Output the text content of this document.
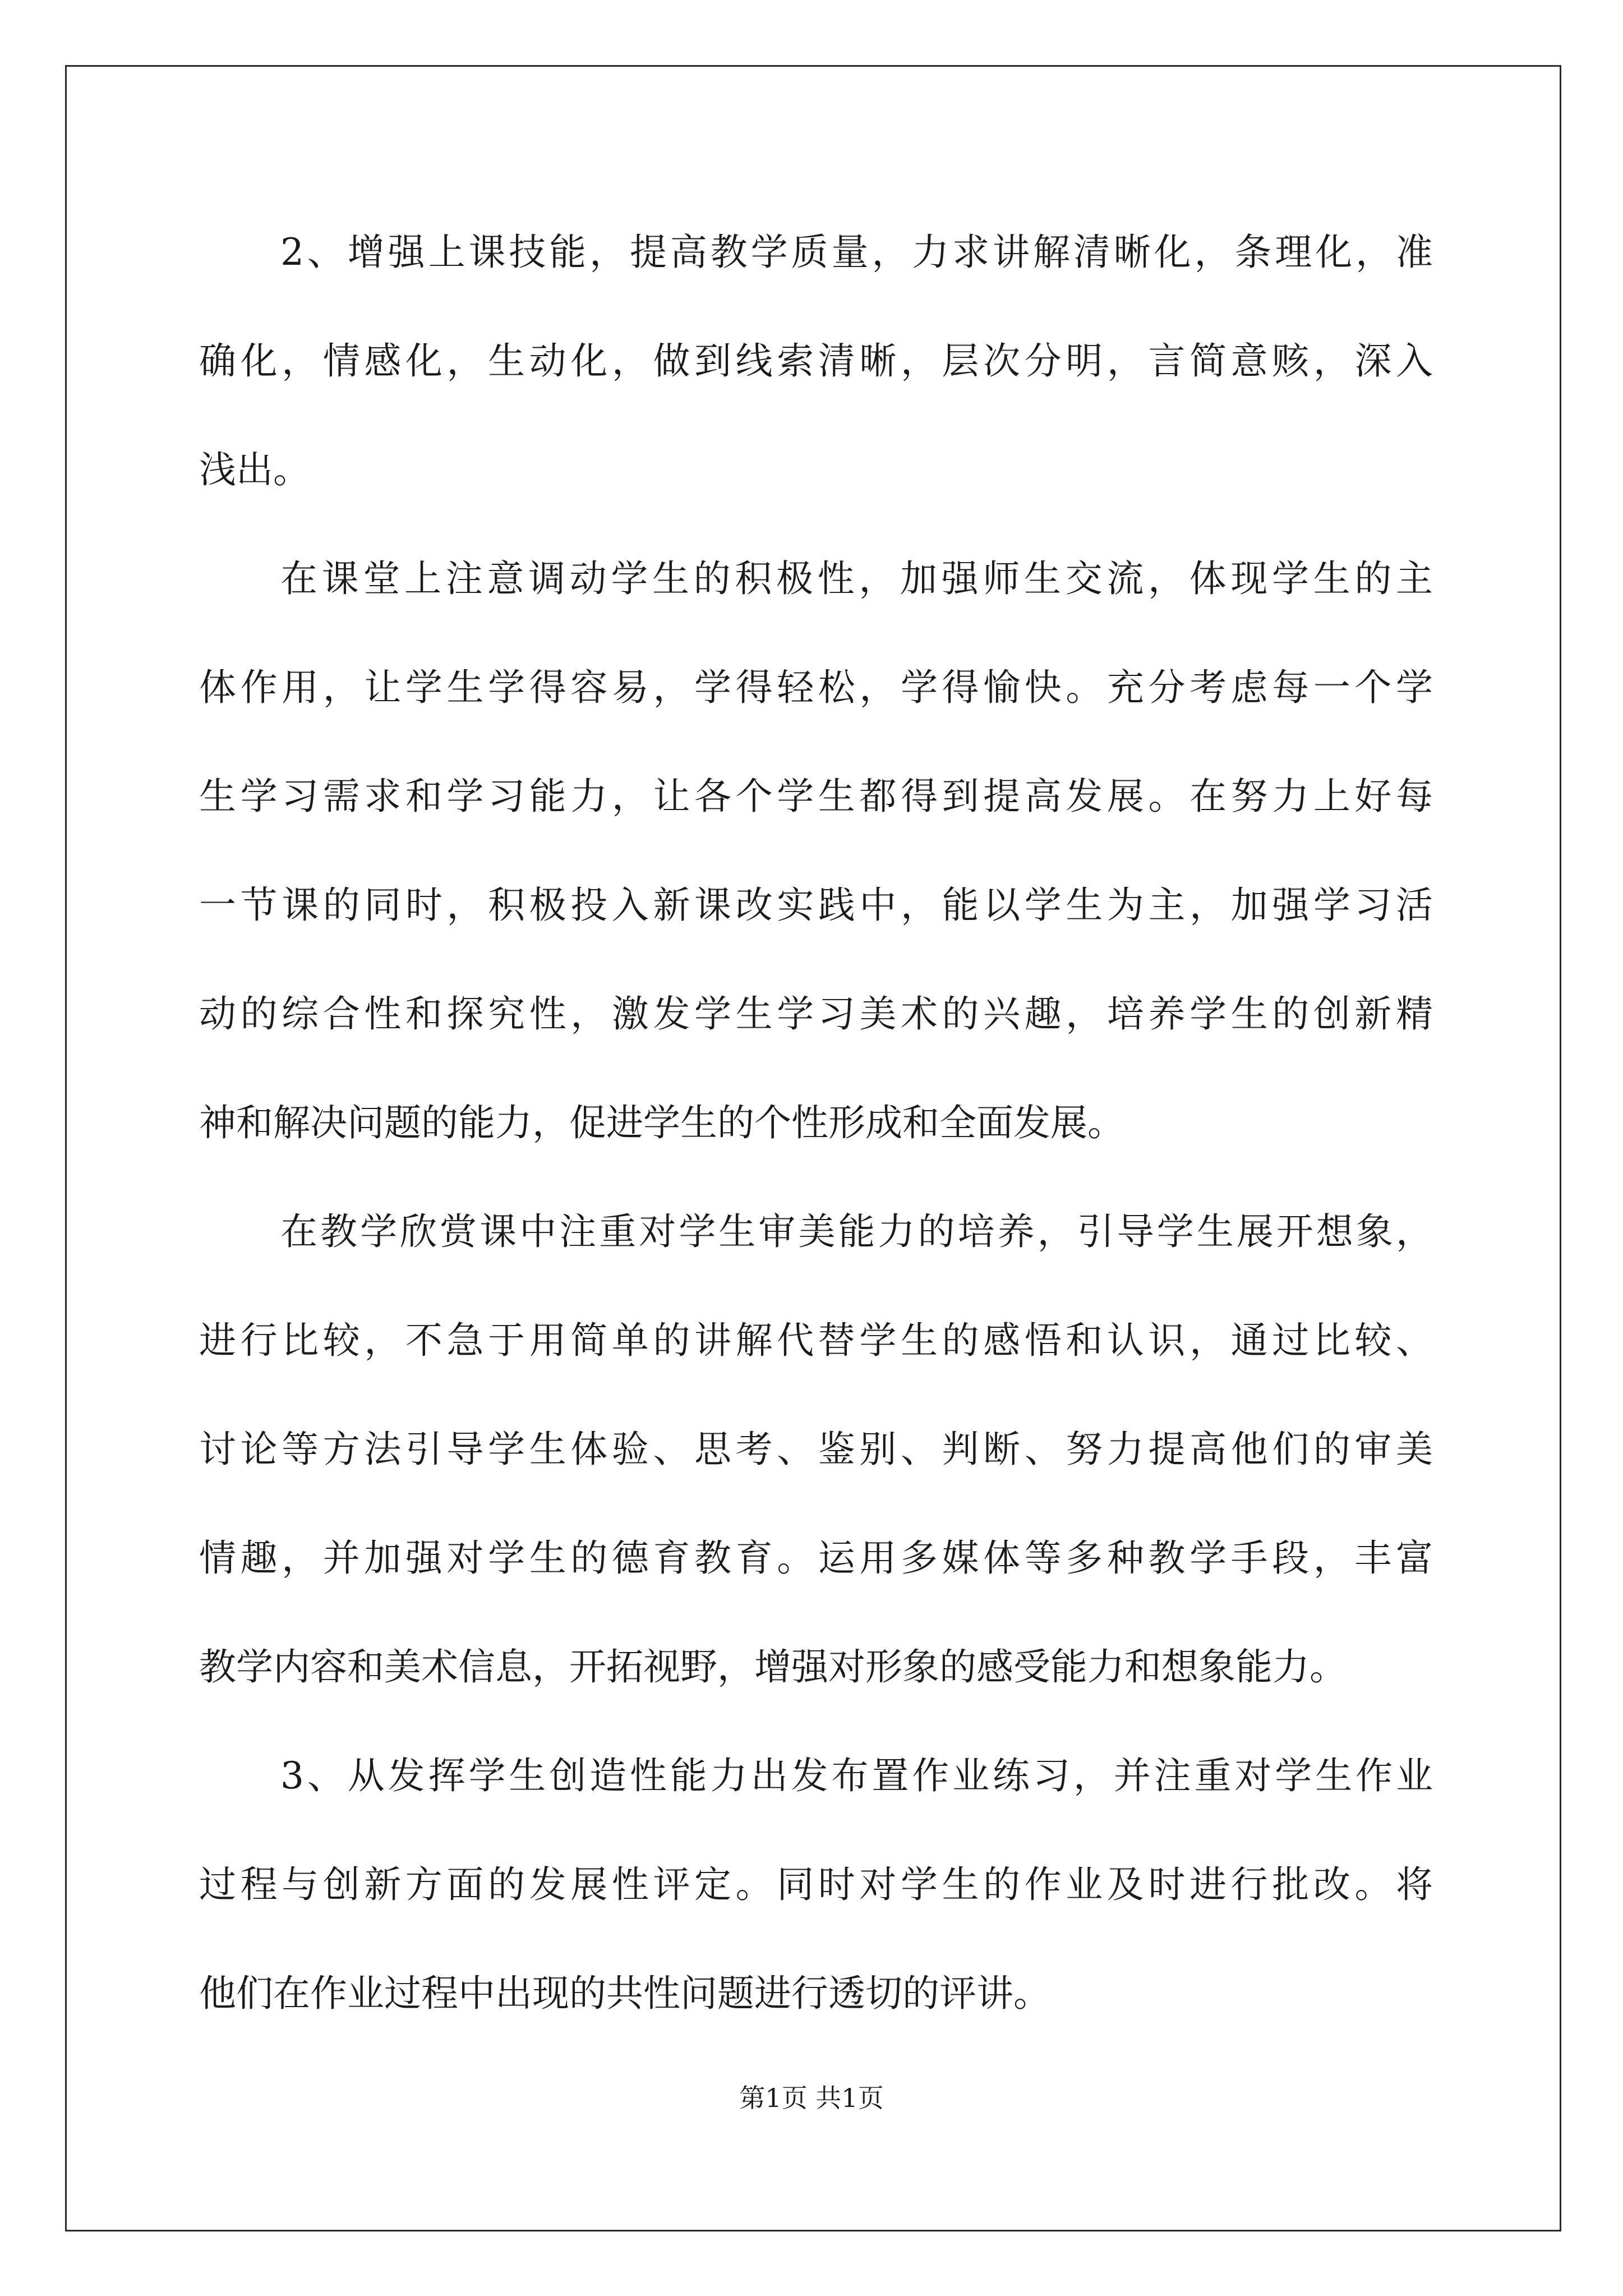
2、增强上课技能，提高教学质量，力求讲解清晰化，条理化，准
确化，情感化，生动化，做到线索清晰，层次分明，言简意赅，深入
浅出。
在课堂上注意调动学生的积极性，加强师生交流，体现学生的主
体作用，让学生学得容易，学得轻松，学得愉快。充分考虑每一个学
生学习需求和学习能力，让各个学生都得到提高发展。在努力上好每
一节课的同时，积极投入新课改实践中，能以学生为主，加强学习活
动的综合性和探究性，激发学生学习美术的兴趣，培养学生的创新精
神和解决问题的能力，促进学生的个性形成和全面发展。
在教学欣赏课中注重对学生审美能力的培养，引导学生展开想象，
进行比较，不急于用简单的讲解代替学生的感悟和认识，通过比较、
讨论等方法引导学生体验、思考、鉴别、判断、努力提高他们的审美
情趣，并加强对学生的德育教育。运用多媒体等多种教学手段，丰富
教学内容和美术信息，开拓视野，增强对形象的感受能力和想象能力。
3、从发挥学生创造性能力出发布置作业练习，并注重对学生作业
过程与创新方面的发展性评定。同时对学生的作业及时进行批改。将
他们在作业过程中出现的共性问题进行透切的评讲。
第1页 共1页
